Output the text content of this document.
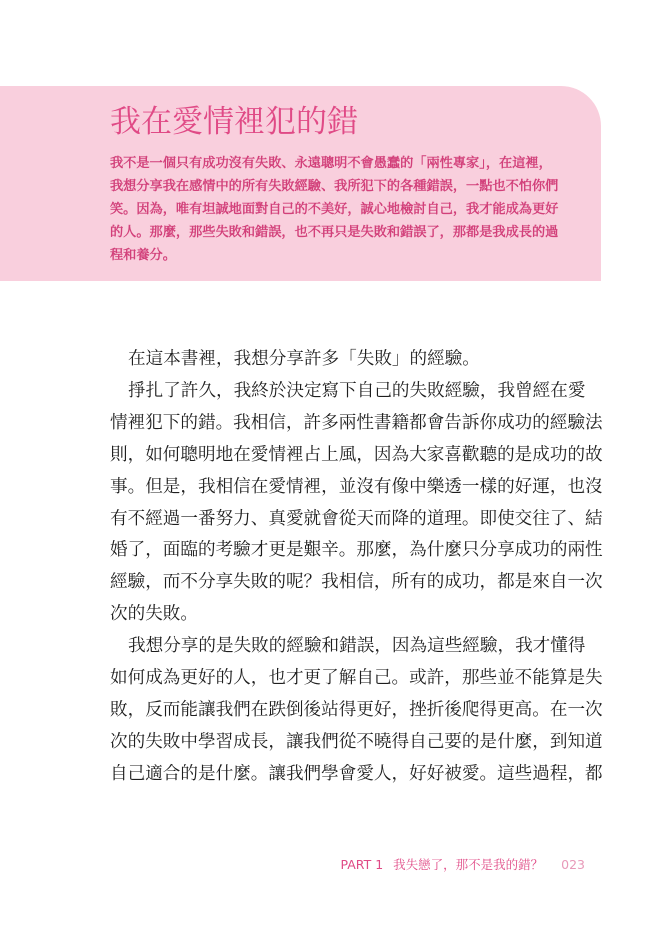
我在愛情裡犯的錯

我不是一個只有成功沒有失敗、永遠聰明不會愚蠢的「兩性專家」，在這裡，
我想分享我在感情中的所有失敗經驗、我所犯下的各種錯誤，一點也不怕你們
笑。因為，唯有坦誠地面對自己的不美好，誠心地檢討自己，我才能成為更好
的人。那麼，那些失敗和錯誤，也不再只是失敗和錯誤了，那都是我成長的過
程和養分。

在這本書裡，我想分享許多「失敗」的經驗。
掙扎了許久，我終於決定寫下自己的失敗經驗，我曾經在愛
情裡犯下的錯。我相信，許多兩性書籍都會告訴你成功的經驗法
則，如何聰明地在愛情裡占上風，因為大家喜歡聽的是成功的故
事。但是，我相信在愛情裡，並沒有像中樂透一樣的好運，也沒
有不經過一番努力、真愛就會從天而降的道理。即使交往了、結
婚了，面臨的考驗才更是艱辛。那麼，為什麼只分享成功的兩性
經驗，而不分享失敗的呢？我相信，所有的成功，都是來自一次
次的失敗。
我想分享的是失敗的經驗和錯誤，因為這些經驗，我才懂得
如何成為更好的人，也才更了解自己。或許，那些並不能算是失
敗，反而能讓我們在跌倒後站得更好，挫折後爬得更高。在一次
次的失敗中學習成長，讓我們從不曉得自己要的是什麼，到知道
自己適合的是什麼。讓我們學會愛人，好好被愛。這些過程，都
PART 1 我失戀了，那不是我的錯？ 023
